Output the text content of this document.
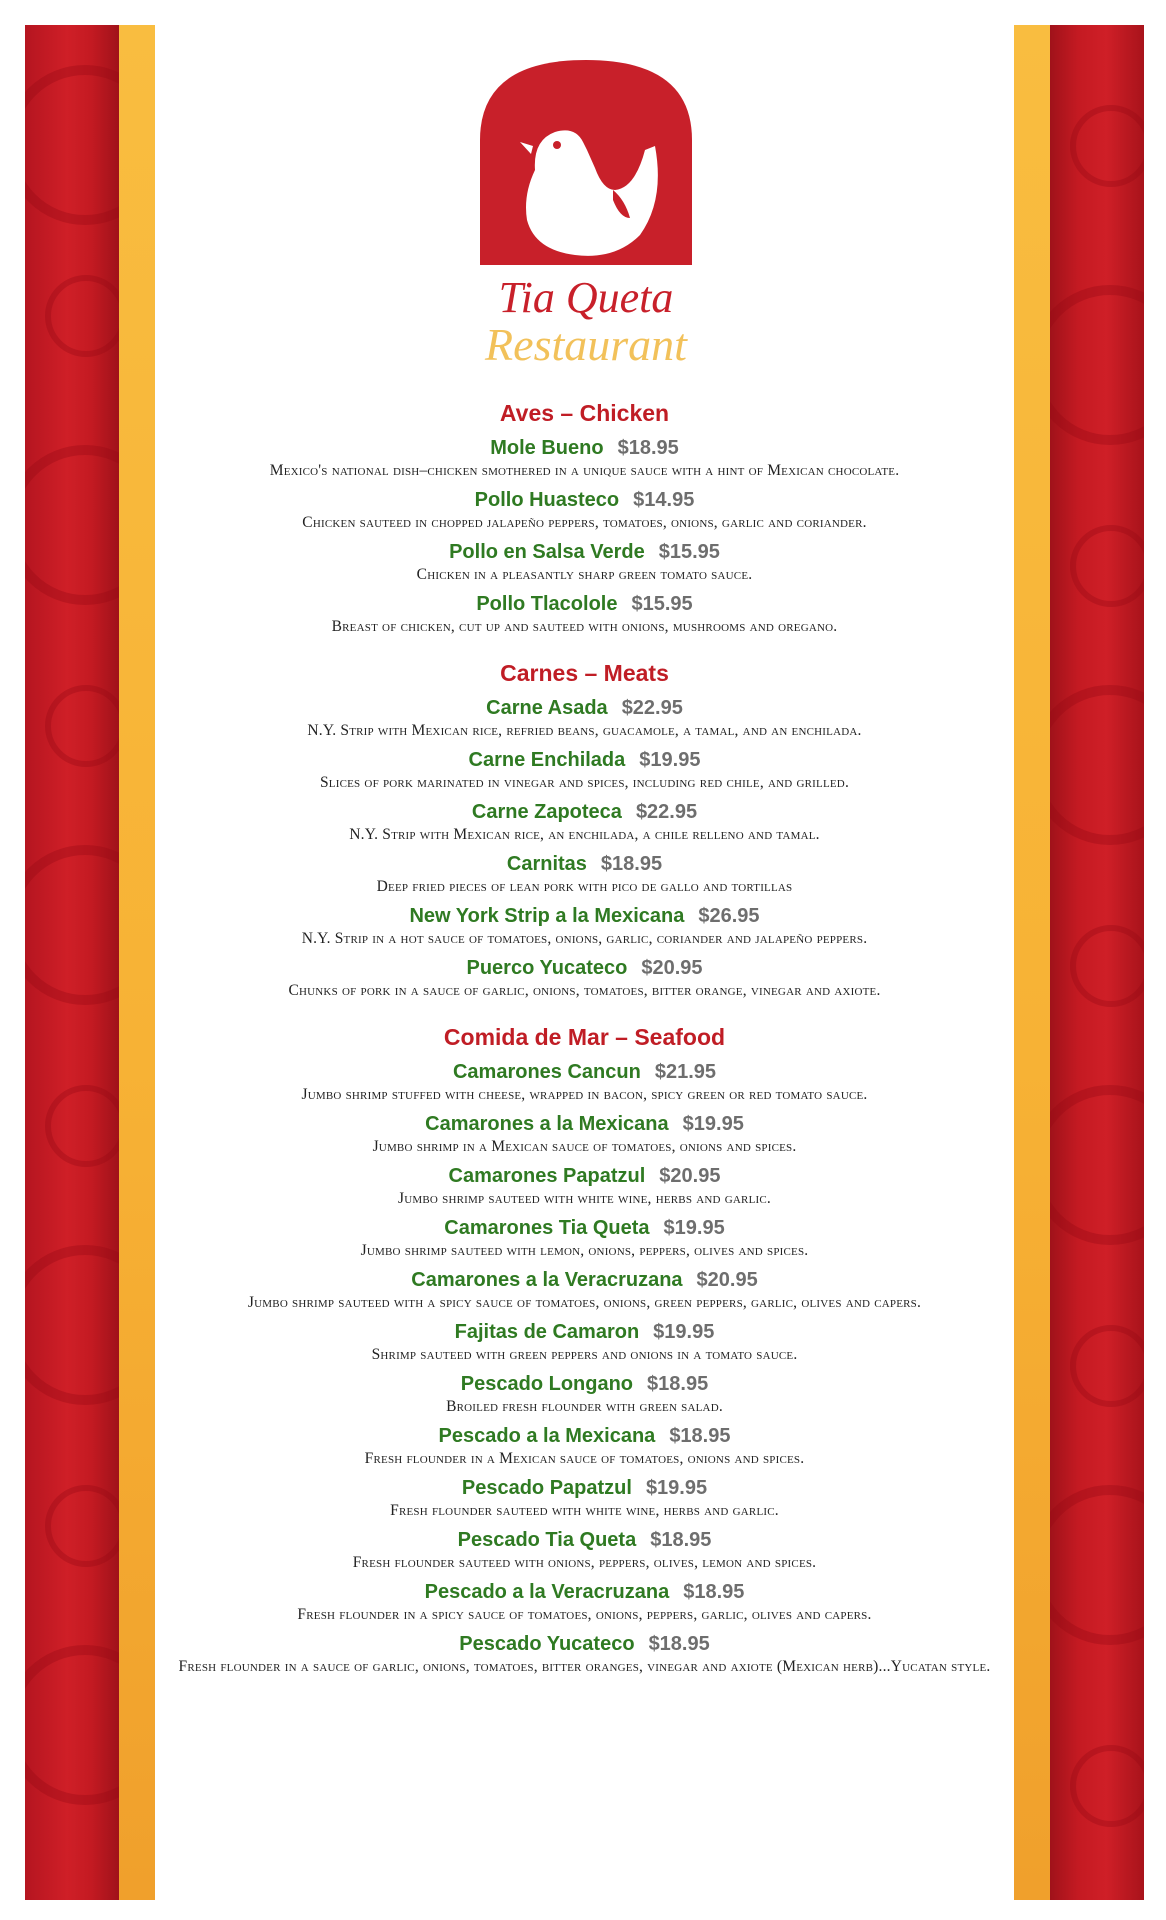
Tia Queta
Restaurant
Aves – Chicken
Mole Bueno $18.95
Mexico's national dish–chicken smothered in a unique sauce with a hint of Mexican chocolate.
Pollo Huasteco $14.95
Chicken sauteed in chopped jalapeño peppers, tomatoes, onions, garlic and coriander.
Pollo en Salsa Verde $15.95
Chicken in a pleasantly sharp green tomato sauce.
Pollo Tlacolole $15.95
Breast of chicken, cut up and sauteed with onions, mushrooms and oregano.
Carnes – Meats
Carne Asada $22.95
N.Y. Strip with Mexican rice, refried beans, guacamole, a tamal, and an enchilada.
Carne Enchilada $19.95
Slices of pork marinated in vinegar and spices, including red chile, and grilled.
Carne Zapoteca $22.95
N.Y. Strip with Mexican rice, an enchilada, a chile relleno and tamal.
Carnitas $18.95
Deep fried pieces of lean pork with pico de gallo and tortillas
New York Strip a la Mexicana $26.95
N.Y. Strip in a hot sauce of tomatoes, onions, garlic, coriander and jalapeño peppers.
Puerco Yucateco $20.95
Chunks of pork in a sauce of garlic, onions, tomatoes, bitter orange, vinegar and axiote.
Comida de Mar – Seafood
Camarones Cancun $21.95
Jumbo shrimp stuffed with cheese, wrapped in bacon, spicy green or red tomato sauce.
Camarones a la Mexicana $19.95
Jumbo shrimp in a Mexican sauce of tomatoes, onions and spices.
Camarones Papatzul $20.95
Jumbo shrimp sauteed with white wine, herbs and garlic.
Camarones Tia Queta $19.95
Jumbo shrimp sauteed with lemon, onions, peppers, olives and spices.
Camarones a la Veracruzana $20.95
Jumbo shrimp sauteed with a spicy sauce of tomatoes, onions, green peppers, garlic, olives and capers.
Fajitas de Camaron $19.95
Shrimp sauteed with green peppers and onions in a tomato sauce.
Pescado Longano $18.95
Broiled fresh flounder with green salad.
Pescado a la Mexicana $18.95
Fresh flounder in a Mexican sauce of tomatoes, onions and spices.
Pescado Papatzul $19.95
Fresh flounder sauteed with white wine, herbs and garlic.
Pescado Tia Queta $18.95
Fresh flounder sauteed with onions, peppers, olives, lemon and spices.
Pescado a la Veracruzana $18.95
Fresh flounder in a spicy sauce of tomatoes, onions, peppers, garlic, olives and capers.
Pescado Yucateco $18.95
Fresh flounder in a sauce of garlic, onions, tomatoes, bitter oranges, vinegar and axiote (Mexican herb)...Yucatan style.
